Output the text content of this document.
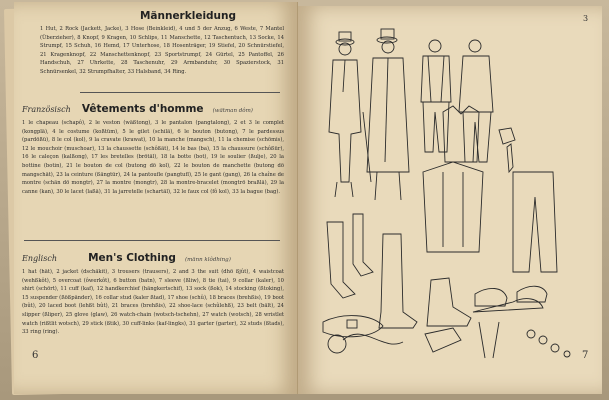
Männerkleidung
1 Hut, 2 Rock (Jackett, Jacke), 3 Hose (Beinkleid), 4 und 5 der Anzug, 6 Weste, 7 Mantel (Überzieher), 8 Knopf, 9 Kragen, 10 Schlips, 11 Manschette, 12 Taschentuch, 13 Socke, 14 Strumpf, 15 Schuh, 16 Hemd, 17 Unterhose, 18 Hosenträger, 19 Stiefel, 20 Schnürstiefel, 21 Kragenknopf, 22 Manschettenknopf, 23 Sportstrumpf, 24 Gürtel, 25 Pantoffel, 26 Handschuh, 27 Uhrkette, 28 Taschenuhr, 29 Armbanduhr, 30 Spazierstock, 31 Schnürsenkel, 32 Strumpfhalter, 33 Halsband, 34 Ring.
Französisch Vêtements d'homme (wätman dôm)
1 le chapeau (schapô), 2 le veston (wäßtong), 3 le pantalon (pangtalong), 2 et 3 le complet (kongplä), 4 le costume (koßtüm), 5 le gilet (schilä), 6 le bouton (butong), 7 le pardessus (pardößü), 8 le col (kol), 9 la cravate (krawat), 10 la manche (mangsch), 11 la chemise (schömis), 12 le mouchoir (muschoar), 13 la chaussette (schôßät), 14 le bas (ba), 15 la chaussure (schôßür), 16 le caleçon (kalßong), 17 les bretelles (brötäl), 18 la botte (bot), 19 le soulier (ßulje), 20 la bottine (botin), 21 le bouton de col (butong dö kol), 22 le bouton de manchette (butong dö mangschät), 23 la ceinture (ßängtür), 24 la pantoufle (pangtufl), 25 le gant (gang), 26 la chaîne de montre (schän dö mongtr), 27 la montre (mongtr), 28 la montre-bracelet (mongtrö braßlä), 29 la canne (kan), 30 le lacet (laßä), 31 la jarretelle (schartäl), 32 le faux col (fô kol), 33 la bague (bag).
Englisch	Men's Clothing (männ klôdhing)
1 hat (hät), 2 jacket (dschäkit), 3 trousers (trausers), 2 and 3 the suit (dhö ßjût), 4 waistcoat (wehßkôt), 5 overcoat (ôwerkôt), 6 button (batn), 7 sleeve (ßliw), 8 tie (tai), 9 collar (kaler), 10 shirt (schört), 11 cuff (kaf), 12 handkerchief (hängkertschif), 13 sock (ßok), 14 stocking (ßtoking), 15 suspender (ßößpänder), 16 collar stud (kaler ßtad), 17 shoe (schû), 18 braces (brehßis), 19 boot (bût), 20 laced boot (lehßt bût), 21 braces (brehßis), 22 shoe-lace (schûlehß), 23 belt (bält), 24 slipper (ßliper), 25 glove (glaw), 26 watch-chain (wotsch-tschehn), 27 watch (wotsch), 28 wristlet watch (rißtlit wotsch), 29 stick (ßtik), 30 cuff-links (kaf-lingks), 31 garter (garter), 32 studs (ßtads), 33 ring (ring).
6
3
7
